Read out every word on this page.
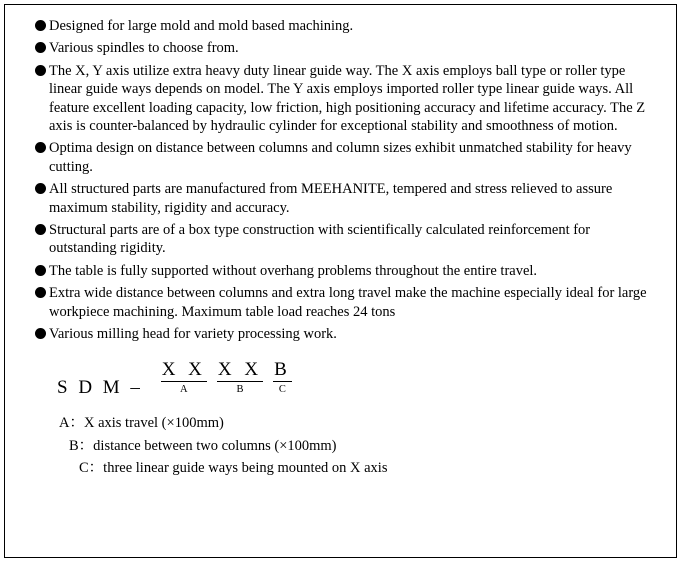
Designed for large mold and mold based machining.
Various spindles to choose from.
The X, Y axis utilize extra heavy duty linear guide way. The X axis employs ball type or roller type linear guide ways depends on model. The Y axis employs imported roller type linear guide ways. All feature excellent loading capacity, low friction, high positioning accuracy and lifetime accuracy. The Z axis is counter-balanced by hydraulic cylinder for exceptional stability and smoothness of motion.
Optima design on distance between columns and column sizes exhibit unmatched stability for heavy cutting.
All structured parts are manufactured from MEEHANITE, tempered and stress relieved to assure maximum stability, rigidity and accuracy.
Structural parts are of a box type construction with scientifically calculated reinforcement for outstanding rigidity.
The table is fully supported without overhang problems throughout the entire travel.
Extra wide distance between columns and extra long travel make the machine especially ideal for large workpiece machining. Maximum table load reaches 24 tons
Various milling head for variety processing work.
S D M – X X
A
X X
B
B
C
A：X axis travel (×100mm)
B：distance between two columns (×100mm)
C：three linear guide ways being mounted on X axis
